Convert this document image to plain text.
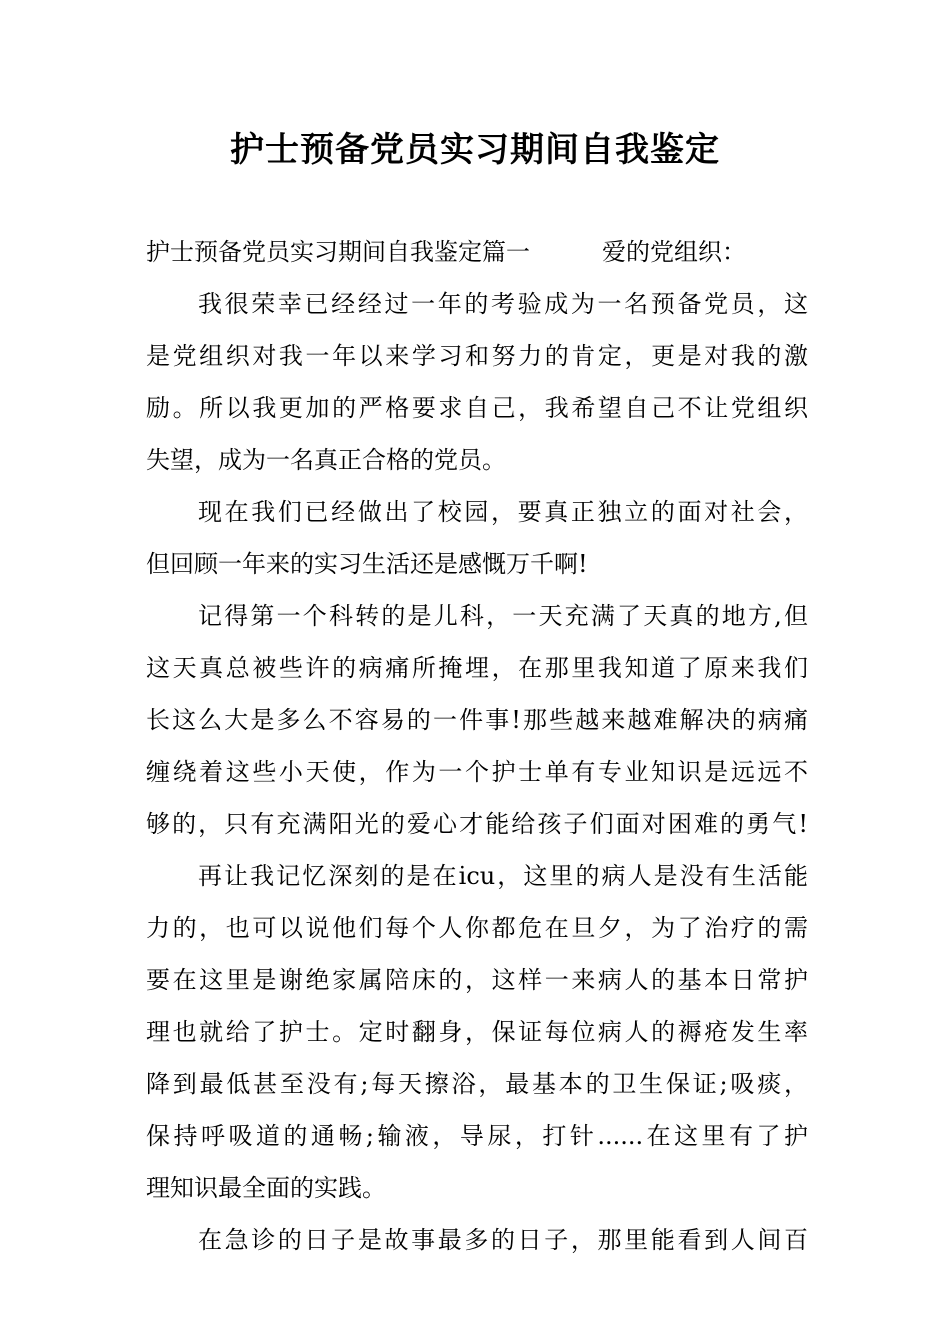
护士预备党员实习期间自我鉴定
护士预备党员实习期间自我鉴定篇一	爱的党组织：
我很荣幸已经经过一年的考验成为一名预备党员，这
是党组织对我一年以来学习和努力的肯定，更是对我的激
励。所以我更加的严格要求自己，我希望自己不让党组织
失望，成为一名真正合格的党员。
现在我们已经做出了校园，要真正独立的面对社会，
但回顾一年来的实习生活还是感慨万千啊!
记得第一个科转的是儿科，一天充满了天真的地方,但
这天真总被些许的病痛所掩埋，在那里我知道了原来我们
长这么大是多么不容易的一件事!那些越来越难解决的病痛
缠绕着这些小天使，作为一个护士单有专业知识是远远不
够的，只有充满阳光的爱心才能给孩子们面对困难的勇气!
再让我记忆深刻的是在icu，这里的病人是没有生活能
力的，也可以说他们每个人你都危在旦夕，为了治疗的需
要在这里是谢绝家属陪床的，这样一来病人的基本日常护
理也就给了护士。定时翻身，保证每位病人的褥疮发生率
降到最低甚至没有;每天擦浴，最基本的卫生保证;吸痰，
保持呼吸道的通畅;输液，导尿，打针......在这里有了护
理知识最全面的实践。
在急诊的日子是故事最多的日子，那里能看到人间百
